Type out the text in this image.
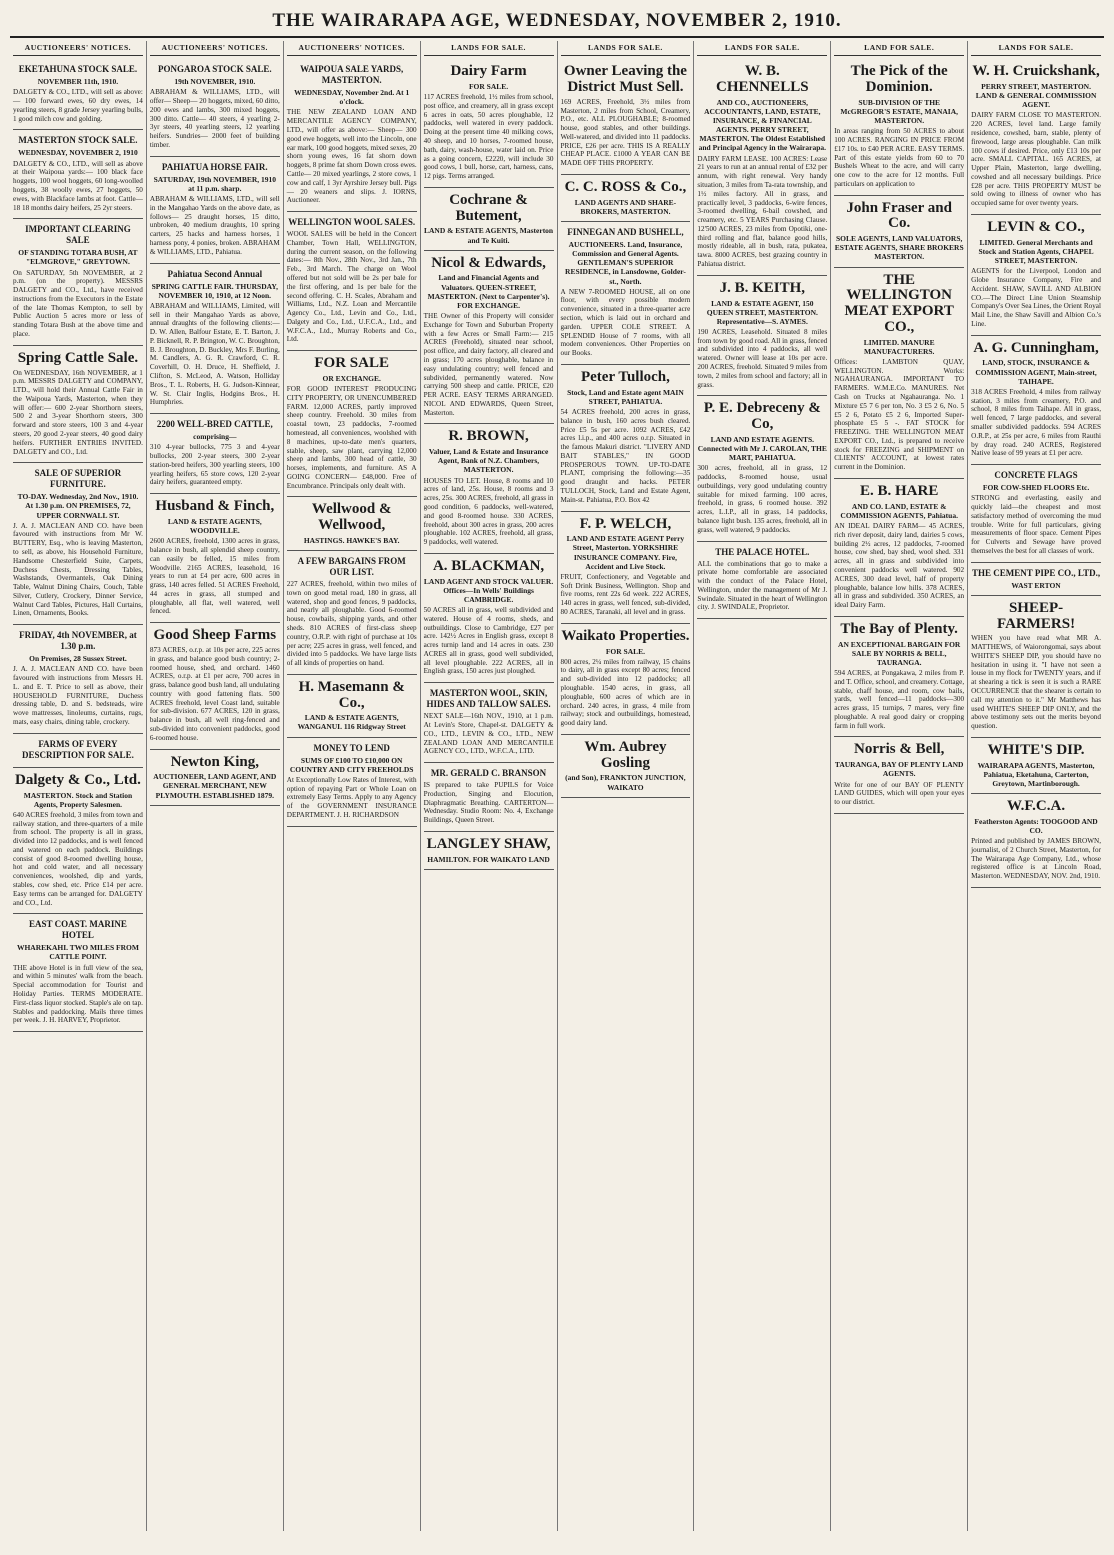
THE WAIRARAPA AGE, WEDNESDAY, NOVEMBER 2, 1910.
AUCTIONEERS' NOTICES.
EKETAHUNA STOCK SALE.
NOVEMBER 11th, 1910.

DALGETY & CO., LTD., will sell as above:— 100 forward ewes, 60 dry ewes, 14 yearling steers, 8 grade Jersey yearling bulls, 1 good milch cow and golding.

MASTERTON STOCK SALE.
WEDNESDAY, NOVEMBER 2, 1910

DALGETY & CO., LTD., will sell as above at their Waipoua yards:— 100 black face hoggets, 100 wool hoggets, 60 long-woolled hoggets, 38 woolly ewes, 27 hoggets, 50 ewes, with Blackface lambs at foot. Cattle— 18 18 months dairy heifers, 25 2yr steers.

IMPORTANT CLEARING SALE
OF STANDING TOTARA BUSH, AT "ELMGROVE," GREYTOWN.

On SATURDAY, 5th NOVEMBER, at 2 p.m. (on the property). MESSRS DALGETY and CO., Ltd., have received instructions from the Executors in the Estate of the late Thomas Kempton, to sell by Public Auction 5 acres more or less of standing Totara Bush at the above time and place.

Spring Cattle Sale.

On WEDNESDAY, 16th NOVEMBER, at 1 p.m. MESSRS DALGETY and COMPANY, LTD., will hold their Annual Cattle Fair in the Waipoua Yards, Masterton, when they will offer:— 600 2-year Shorthorn steers, 500 2 and 3-year Shorthorn steers, 300 forward and store steers, 100 3 and 4-year steers, 20 good 2-year steers, 40 good dairy heifers. FURTHER ENTRIES INVITED. DALGETY and CO., Ltd.

SALE OF SUPERIOR FURNITURE.
TO-DAY. Wednesday, 2nd Nov., 1910. At 1.30 p.m. ON PREMISES, 72, UPPER CORNWALL ST.

J. A. J. MACLEAN AND CO. have been favoured with instructions from Mr W. BUTTERY, Esq., who is leaving Masterton, to sell, as above, his Household Furniture, Handsome Chesterfield Suite, Carpets, Duchess Chests, Dressing Tables, Washstands, Overmantels, Oak Dining Table, Walnut Dining Chairs, Couch, Table Silver, Cutlery, Crockery, Dinner Service, Walnut Card Tables, Pictures, Hall Curtains, Linen, Ornaments, Books.

FRIDAY, 4th NOVEMBER, at 1.30 p.m.
On Premises, 28 Sussex Street.

J. A. J. MACLEAN AND CO. have been favoured with instructions from Messrs H. L. and E. T. Price to sell as above, their HOUSEHOLD FURNITURE, Duchess dressing table, D. and S. bedsteads, wire wove mattresses, linoleums, curtains, rugs, mats, easy chairs, dining table, crockery.

FARMS OF EVERY DESCRIPTION FOR SALE.
Dalgety & Co., Ltd.
MASTERTON. Stock and Station Agents, Property Salesmen.

640 ACRES freehold, 3 miles from town and railway station, and three-quarters of a mile from school. The property is all in grass, divided into 12 paddocks, and is well fenced and watered on each paddock. Buildings consist of good 8-roomed dwelling house, hot and cold water, and all necessary conveniences, woolshed, dip and yards, stables, cow shed, etc. Price £14 per acre. Easy terms can be arranged for. DALGETY and CO., Ltd.

EAST COAST. MARINE HOTEL
WHAREKAHI. TWO MILES FROM CATTLE POINT.

THE above Hotel is in full view of the sea, and within 5 minutes' walk from the beach. Special accommodation for Tourist and Holiday Parties. TERMS MODERATE. First-class liquor stocked. Staple's ale on tap. Stables and paddocking. Mails three times per week. J. H. HARVEY, Proprietor.

AUCTIONEERS' NOTICES.
PONGAROA STOCK SALE.
19th NOVEMBER, 1910.

ABRAHAM & WILLIAMS, LTD., will offer— Sheep— 20 hoggets, mixed, 60 ditto, 200 ewes and lambs, 300 mixed hoggets, 300 ditto. Cattle— 40 steers, 4 yearling 2-3yr steers, 40 yearling steers, 12 yearling heifers. Sundries— 2000 feet of building timber.

PAHIATUA HORSE FAIR.
SATURDAY, 19th NOVEMBER, 1910 at 11 p.m. sharp.

ABRAHAM & WILLIAMS, LTD., will sell in the Mangahao Yards on the above date, as follows— 25 draught horses, 15 ditto, unbroken, 40 medium draughts, 10 spring carters, 25 hacks and harness horses, 1 harness pony, 4 ponies, broken. ABRAHAM & WILLIAMS, LTD., Pahiatua.

Pahiatua Second Annual
SPRING CATTLE FAIR. THURSDAY, NOVEMBER 10, 1910, at 12 Noon.

ABRAHAM and WILLIAMS, Limited, will sell in their Mangahao Yards as above, annual draughts of the following clients:— D. W. Allen, Balfour Estate, E. T. Barton, J. P. Bicknell, R. P. Brington, W. C. Broughton, B. J. Broughton, D. Buckley, Mrs F. Burling, M. Candlers, A. G. R. Crawford, C. R. Coverhill, O. H. Druce, H. Sheffield, J. Clifton, S. McLeod, A. Watson, Holliday Bros., T. L. Roberts, H. G. Judson-Kinnear, W. St. Clair Inglis, Hodgins Bros., H. Humphries.

2200 WELL-BRED CATTLE,
comprising—

310 4-year bullocks, 775 3 and 4-year bullocks, 200 2-year steers, 300 2-year station-bred heifers, 300 yearling steers, 100 yearling heifers, 65 store cows, 120 2-year dairy heifers, guaranteed empty.

Husband & Finch,
LAND & ESTATE AGENTS, WOODVILLE.

2600 ACRES, freehold, 1300 acres in grass, balance in bush, all splendid sheep country, can easily be felled, 15 miles from Woodville. 2165 ACRES, leasehold, 16 years to run at £4 per acre, 600 acres in grass, 140 acres felled. 51 ACRES Freehold, 44 acres in grass, all stumped and ploughable, all flat, well watered, well fenced.

Good Sheep Farms

873 ACRES, o.r.p. at 10s per acre, 225 acres in grass, and balance good bush country; 2-roomed house, shed, and orchard. 1460 ACRES, o.r.p. at £1 per acre, 700 acres in grass, balance good bush land, all undulating country with good fattening flats. 500 ACRES freehold, level Coast land, suitable for sub-division. 677 ACRES, 120 in grass, balance in bush, all well ring-fenced and sub-divided into convenient paddocks, good 6-roomed house.

Newton King,
AUCTIONEER, LAND AGENT, AND GENERAL MERCHANT, NEW PLYMOUTH. ESTABLISHED 1879.
AUCTIONEERS' NOTICES.
WAIPOUA SALE YARDS, MASTERTON.
WEDNESDAY, November 2nd. At 1 o'clock.

THE NEW ZEALAND LOAN AND MERCANTILE AGENCY COMPANY, LTD., will offer as above:— Sheep— 300 good ewe hoggets, well into the Lincoln, one ear mark, 100 good hoggets, mixed sexes, 20 shorn young ewes, 16 fat shorn down hoggets, 8 prime fat shorn Down cross ewes. Cattle— 20 mixed yearlings, 2 store cows, 1 cow and calf, 1 3yr Ayrshire Jersey bull. Pigs— 20 weaners and slips. J. IORNS, Auctioneer.

WELLINGTON WOOL SALES.

WOOL SALES will be held in the Concert Chamber, Town Hall, WELLINGTON, during the current season, on the following dates:— 8th Nov., 28th Nov., 3rd Jan., 7th Feb., 3rd March. The charge on Wool offered but not sold will be 2s per bale for the first offering, and 1s per bale for the second offering. C. H. Scales, Abraham and Williams, Ltd., N.Z. Loan and Mercantile Agency Co., Ltd., Levin and Co., Ltd., Dalgety and Co., Ltd., U.F.C.A., Ltd., and W.F.C.A., Ltd., Murray Roberts and Co., Ltd.

FOR SALE
OR EXCHANGE.

FOR GOOD INTEREST PRODUCING CITY PROPERTY, OR UNENCUMBERED FARM. 12,000 ACRES, partly improved sheep country. Freehold. 30 miles from coastal town, 23 paddocks, 7-roomed homestead, all conveniences, woolshed with 8 machines, up-to-date men's quarters, stable, sheep, saw plant, carrying 12,000 sheep and lambs, 300 head of cattle, 30 horses, implements, and furniture. AS A GOING CONCERN— £48,000. Free of Encumbrance. Principals only dealt with.

Wellwood & Wellwood,
HASTINGS. HAWKE'S BAY.
A FEW BARGAINS FROM OUR LIST.

227 ACRES, freehold, within two miles of town on good metal road, 180 in grass, all watered, shop and good fences, 9 paddocks, and nearly all ploughable. Good 6-roomed house, cowbails, shipping yards, and other sheds. 810 ACRES of first-class sheep country, O.R.P. with right of purchase at 10s per acre; 225 acres in grass, well fenced, and divided into 5 paddocks. We have large lists of all kinds of properties on hand.

H. Masemann & Co.,
LAND & ESTATE AGENTS, WANGANUI. 116 Ridgway Street
MONEY TO LEND
SUMS OF £100 TO £10,000 ON COUNTRY AND CITY FREEHOLDS

At Exceptionally Low Rates of Interest, with option of repaying Part or Whole Loan on extremely Easy Terms. Apply to any Agency of the GOVERNMENT INSURANCE DEPARTMENT. J. H. RICHARDSON

LANDS FOR SALE.
Dairy Farm
FOR SALE.

117 ACRES freehold, 1½ miles from school, post office, and creamery, all in grass except 6 acres in oats, 50 acres ploughable, 12 paddocks, well watered in every paddock. Doing at the present time 40 milking cows, 40 sheep, and 10 horses, 7-roomed house, bath, dairy, wash-house, water laid on. Price as a going concern, £2220, will include 30 good cows, 1 bull, horse, cart, harness, cans, 12 pigs. Terms arranged.

Cochrane & Butement,
LAND & ESTATE AGENTS, Masterton and Te Kuiti.
Nicol & Edwards,
Land and Financial Agents and Valuators. QUEEN-STREET, MASTERTON. (Next to Carpenter's). FOR EXCHANGE.

THE Owner of this Property will consider Exchange for Town and Suburban Property with a few Acres or Small Farm:— 215 ACRES (Freehold), situated near school, post office, and dairy factory, all cleared and in grass; 170 acres ploughable, balance in easy undulating country; well fenced and subdivided, permanently watered. Now carrying 500 sheep and cattle. PRICE, £20 PER ACRE. EASY TERMS ARRANGED. NICOL AND EDWARDS, Queen Street, Masterton.

R. BROWN,
Valuer, Land & Estate and Insurance Agent, Bank of N.Z. Chambers, MASTERTON.

HOUSES TO LET. House, 8 rooms and 10 acres of land, 25s. House, 8 rooms and 3 acres, 25s. 300 ACRES, freehold, all grass in good condition, 6 paddocks, well-watered, and good 8-roomed house. 330 ACRES, freehold, about 300 acres in grass, 200 acres ploughable. 102 ACRES, freehold, all grass, 9 paddocks, well watered.

A. BLACKMAN,
LAND AGENT AND STOCK VALUER. Offices—In Wells' Buildings CAMBRIDGE.

50 ACRES all in grass, well subdivided and watered. House of 4 rooms, sheds, and outbuildings. Close to Cambridge, £27 per acre. 142½ Acres in English grass, except 8 acres turnip land and 14 acres in oats. 230 ACRES all in grass, good well subdivided, all level ploughable. 222 ACRES, all in English grass, 150 acres just ploughed.

MASTERTON WOOL, SKIN, HIDES AND TALLOW SALES.

NEXT SALE—16th NOV., 1910, at 1 p.m. At Levin's Store, Chapel-st. DALGETY & CO., LTD., LEVIN & CO., LTD., NEW ZEALAND LOAN AND MERCANTILE AGENCY CO., LTD., W.F.C.A., LTD.

MR. GERALD C. BRANSON

IS prepared to take PUPILS for Voice Production, Singing and Elocution, Diaphragmatic Breathing. CARTERTON—Wednesday. Studio Room: No. 4, Exchange Buildings, Queen Street.

LANGLEY SHAW,
HAMILTON. FOR WAIKATO LAND
LANDS FOR SALE.
Owner Leaving the District Must Sell.

169 ACRES, Freehold, 3½ miles from Masterton, 2 miles from School, Creamery, P.O., etc. ALL PLOUGHABLE; 8-roomed house, good stables, and other buildings. Well-watered, and divided into 11 paddocks. PRICE, £26 per acre. THIS IS A REALLY CHEAP PLACE. £1000 A YEAR CAN BE MADE OFF THIS PROPERTY.

C. C. ROSS & Co.,
LAND AGENTS AND SHARE-BROKERS, MASTERTON.
FINNEGAN AND BUSHELL,
AUCTIONEERS. Land, Insurance, Commission and General Agents. GENTLEMAN'S SUPERIOR RESIDENCE, in Lansdowne, Golder-st., North.

A NEW 7-ROOMED HOUSE, all on one floor, with every possible modern convenience, situated in a three-quarter acre section, which is laid out in orchard and garden. UPPER COLE STREET. A SPLENDID House of 7 rooms, with all modern conveniences. Other Properties on our Books.

Peter Tulloch,
Stock, Land and Estate agent MAIN STREET, PAHIATUA.

54 ACRES freehold, 200 acres in grass, balance in bush, 160 acres bush cleared. Price £5 5s per acre. 1092 ACRES, £42 acres l.i.p., and 400 acres o.r.p. Situated in the famous Makuri district. "LIVERY AND BAIT STABLES," IN GOOD PROSPEROUS TOWN. UP-TO-DATE PLANT, comprising the following:—35 good draught and hacks. PETER TULLOCH, Stock, Land and Estate Agent, Main-st. Pahiatua, P.O. Box 42

F. P. WELCH,
LAND AND ESTATE AGENT Perry Street, Masterton. YORKSHIRE INSURANCE COMPANY. Fire, Accident and Live Stock.

FRUIT, Confectionery, and Vegetable and Soft Drink Business, Wellington. Shop and five rooms, rent 22s 6d week. 222 ACRES, 140 acres in grass, well fenced, sub-divided, 80 ACRES, Taranaki, all level and in grass.

Waikato Properties.
FOR SALE.

800 acres, 2¼ miles from railway, 15 chains to dairy, all in grass except 80 acres; fenced and sub-divided into 12 paddocks; all ploughable. 1540 acres, in grass, all ploughable, 600 acres of which are in orchard. 240 acres, in grass, 4 mile from railway; stock and outbuildings, homestead, good dairy land.

Wm. Aubrey Gosling
(and Son), FRANKTON JUNCTION, WAIKATO
LANDS FOR SALE.
W. B. CHENNELLS
AND CO., AUCTIONEERS, ACCOUNTANTS, LAND, ESTATE, INSURANCE, & FINANCIAL AGENTS. PERRY STREET, MASTERTON. The Oldest Established and Principal Agency in the Wairarapa.

DAIRY FARM LEASE. 100 ACRES: Lease 21 years to run at an annual rental of £32 per annum, with right renewal. Very handy situation, 3 miles from Ta-rata township, and 1½ miles factory. All in grass, and practically level, 3 paddocks, 6-wire fences, 3-roomed dwelling, 6-bail cowshed, and creamery, etc. 5 YEARS Purchasing Clause. 12'500 ACRES, 23 miles from Opotiki, one-third rolling and flat, balance good hills, mostly rideable, all in bush, rata, pukatea, tawa. 8000 ACRES, best grazing country in Pahiatua district.

J. B. KEITH,
LAND & ESTATE AGENT, 150 QUEEN STREET, MASTERTON. Representative—S. AYMES.

190 ACRES, Leasehold. Situated 8 miles from town by good road. All in grass, fenced and subdivided into 4 paddocks, all well watered. Owner will lease at 10s per acre. 200 ACRES, freehold. Situated 9 miles from town, 2 miles from school and factory; all in grass.

P. E. Debreceny & Co,
LAND AND ESTATE AGENTS. Connected with Mr J. CAROLAN, THE MART, PAHIATUA.

300 acres, freehold, all in grass, 12 paddocks, 8-roomed house, usual outbuildings, very good undulating country suitable for mixed farming. 100 acres, freehold, in grass, 6 roomed house. 392 acres, L.I.P., all in grass, 14 paddocks, balance light bush. 135 acres, freehold, all in grass, well watered, 9 paddocks.

THE PALACE HOTEL.

ALL the combinations that go to make a private home comfortable are associated with the conduct of the Palace Hotel, Wellington, under the management of Mr J. Swindale. Situated in the heart of Wellington city. J. SWINDALE, Proprietor.

LAND FOR SALE.
The Pick of the Dominion.
SUB-DIVISION OF THE McGREGOR'S ESTATE, MANAIA, MASTERTON.

In areas ranging from 50 ACRES to about 100 ACRES. RANGING IN PRICE FROM £17 10s. to £40 PER ACRE. EASY TERMS. Part of this estate yields from 60 to 70 Bushels Wheat to the acre, and will carry one cow to the acre for 12 months. Full particulars on application to

John Fraser and Co.
SOLE AGENTS, LAND VALUATORS, ESTATE AGENTS, SHARE BROKERS MASTERTON.
THE WELLINGTON MEAT EXPORT CO.,
LIMITED. MANURE MANUFACTURERS.

Offices: LAMBTON QUAY, WELLINGTON. Works: NGAHAURANGA. IMPORTANT TO FARMERS. W.M.E.Co. MANURES. Net Cash on Trucks at Ngahauranga. No. 1 Mixture £5 7 6 per ton, No. 3 £5 2 6, No. 5 £5 2 6, Potato £5 2 6, Imported Super-phosphate £5 5 -. FAT STOCK for FREEZING. THE WELLINGTON MEAT EXPORT CO., Ltd., is prepared to receive stock for FREEZING and SHIPMENT on CLIENTS' ACCOUNT, at lowest rates current in the Dominion.

E. B. HARE
AND CO. LAND, ESTATE & COMMISSION AGENTS, Pahiatua.

AN IDEAL DAIRY FARM— 45 ACRES, rich river deposit, dairy land, dairies 5 cows, building 2½ acres, 12 paddocks, 7-roomed house, cow shed, bay shed, wool shed. 331 acres, all in grass and subdivided into convenient paddocks well watered. 902 ACRES, 300 dead level, half of property ploughable, balance low hills. 378 ACRES, all in grass and subdivided. 350 ACRES, an ideal Dairy Farm.

The Bay of Plenty.
AN EXCEPTIONAL BARGAIN FOR SALE BY NORRIS & BELL, TAURANGA.

594 ACRES, at Pongakawa, 2 miles from P. and T. Office, school, and creamery. Cottage, stable, chaff house, and room, cow bails, yards, well fenced—11 paddocks—300 acres grass, 15 turnips, 7 mares, very fine ploughable. A real good dairy or cropping farm in full work.

Norris & Bell,
TAURANGA, BAY OF PLENTY LAND AGENTS.

Write for one of our BAY OF PLENTY LAND GUIDES, which will open your eyes to our district.

LANDS FOR SALE.
W. H. Cruickshank,
PERRY STREET, MASTERTON. LAND & GENERAL COMMISSION AGENT.

DAIRY FARM CLOSE TO MASTERTON. 220 ACRES, level land. Large family residence, cowshed, barn, stable, plenty of firewood, large areas ploughable. Can milk 100 cows if desired. Price, only £13 10s per acre. SMALL CAPITAL. 165 ACRES, at Upper Plain, Masterton, large dwelling, cowshed and all necessary buildings. Price £28 per acre. THIS PROPERTY MUST be sold owing to illness of owner who has occupied same for over twenty years.

LEVIN & CO.,
LIMITED. General Merchants and Stock and Station Agents, CHAPEL STREET, MASTERTON.

AGENTS for the Liverpool, London and Globe Insurance Company, Fire and Accident. SHAW, SAVILL AND ALBION CO.—The Direct Line Union Steamship Company's Over Sea Lines, the Orient Royal Mail Line, the Shaw Savill and Albion Co.'s Line.

A. G. Cunningham,
LAND, STOCK, INSURANCE & COMMISSION AGENT, Main-street, TAIHAPE.

318 ACRES Freehold, 4 miles from railway station, 3 miles from creamery, P.O. and school, 8 miles from Taihape. All in grass, well fenced, 7 large paddocks, and several smaller subdivided paddocks. 594 ACRES O.R.P., at 25s per acre, 6 miles from Rauthi by dray road. 240 ACRES, Registered Native lease of 99 years at £1 per acre.

CONCRETE FLAGS
FOR COW-SHED FLOORS Etc.

STRONG and everlasting, easily and quickly laid—the cheapest and most satisfactory method of overcoming the mud trouble. Write for full particulars, giving measurements of floor space. Cement Pipes for Culverts and Sewage have proved themselves the best for all classes of work.

THE CEMENT PIPE CO., LTD.,
WAST ERTON
SHEEP-FARMERS!

WHEN you have read what MR A. MATTHEWS, of Waiorongomai, says about WHITE'S SHEEP DIP, you should have no hesitation in using it. "I have not seen a louse in my flock for TWENTY years, and if at shearing a tick is seen it is such a RARE OCCURRENCE that the shearer is certain to call my attention to it." Mr Matthews has used WHITE'S SHEEP DIP ONLY, and the above testimony sets out the merits beyond question.

WHITE'S DIP.
WAIRARAPA AGENTS, Masterton, Pahiatua, Eketahuna, Carterton, Greytown, Martinborough.
W.F.C.A.
Featherston Agents: TOOGOOD AND CO.

Printed and published by JAMES BROWN, journalist, of 2 Church Street, Masterton, for The Wairarapa Age Company, Ltd., whose registered office is at Lincoln Road, Masterton. WEDNESDAY, NOV. 2nd, 1910.
